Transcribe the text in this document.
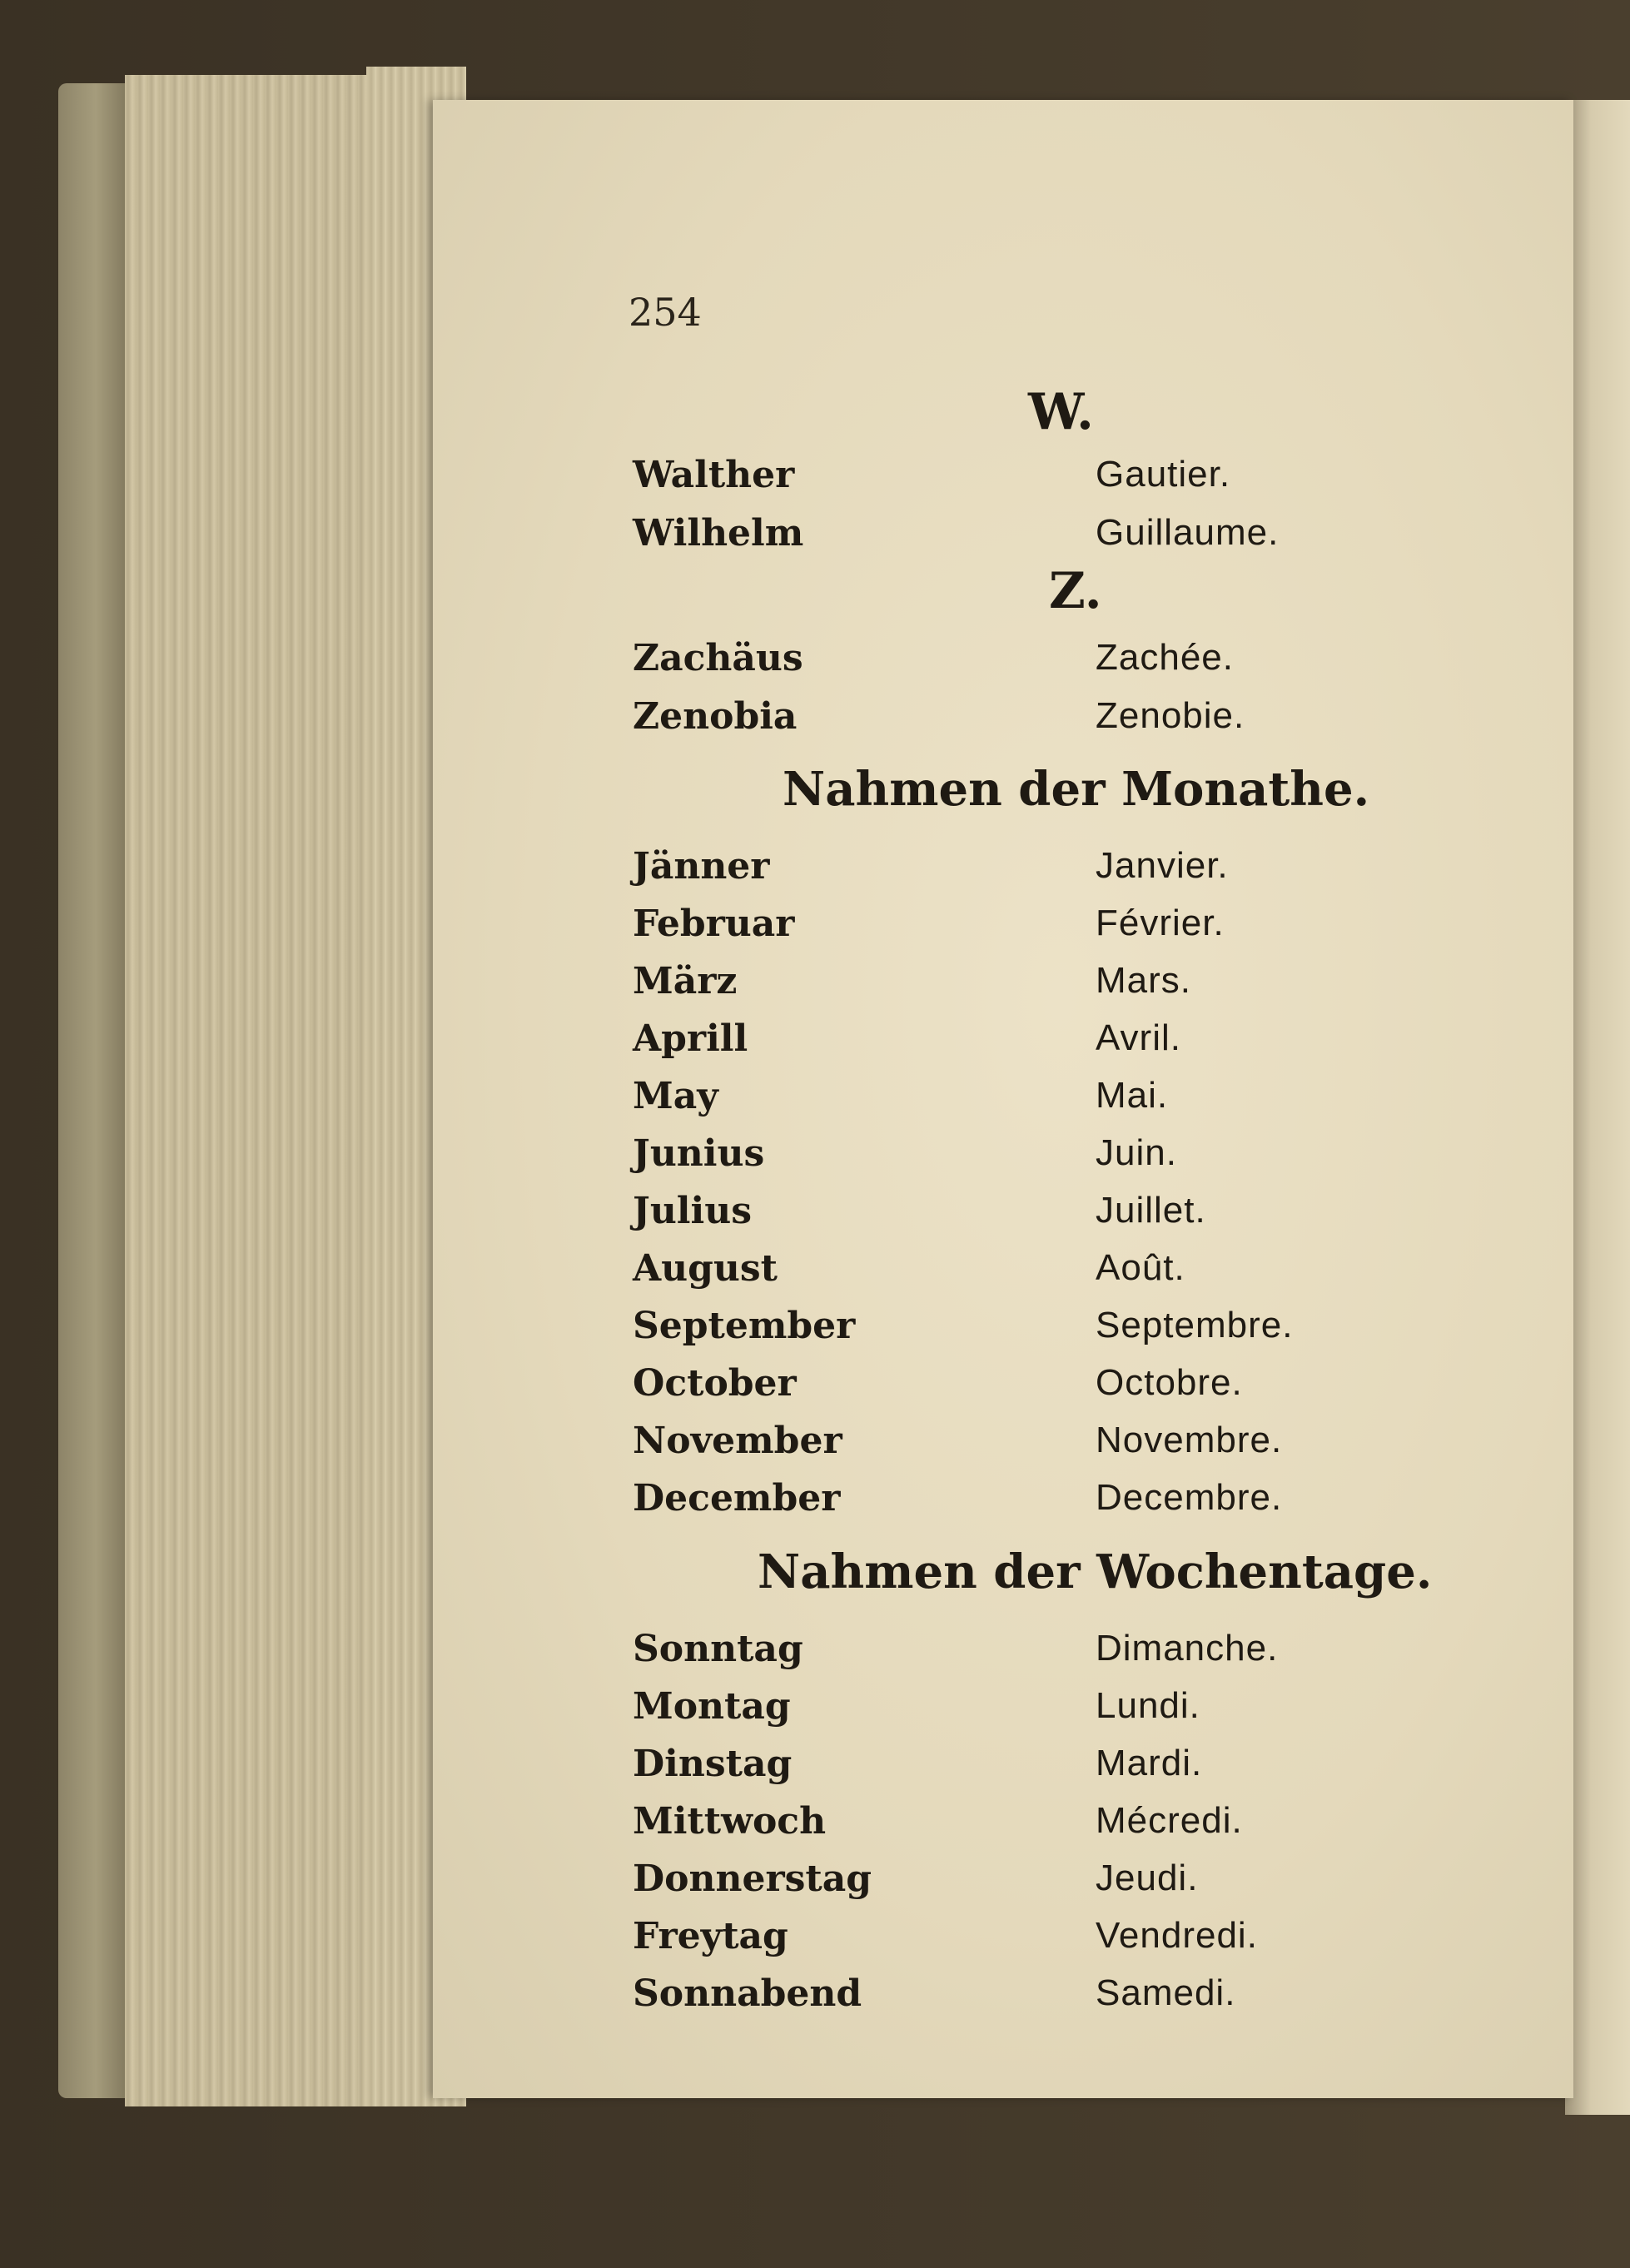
254
W.
Walther	Gautier.
Wilhelm	Guillaume.
Z.
Zachäus	Zachée.
Zenobia	Zenobie.
Nahmen der Monathe.
Jänner	Janvier.
Februar	Février.
März	Mars.
Aprill	Avril.
May	Mai.
Junius	Juin.
Julius	Juillet.
August	Août.
September	Septembre.
October	Octobre.
November	Novembre.
December	Decembre.
Nahmen der Wochentage.
Sonntag	Dimanche.
Montag	Lundi.
Dinstag	Mardi.
Mittwoch	Mécredi.
Donnerstag	Jeudi.
Freytag	Vendredi.
Sonnabend	Samedi.
